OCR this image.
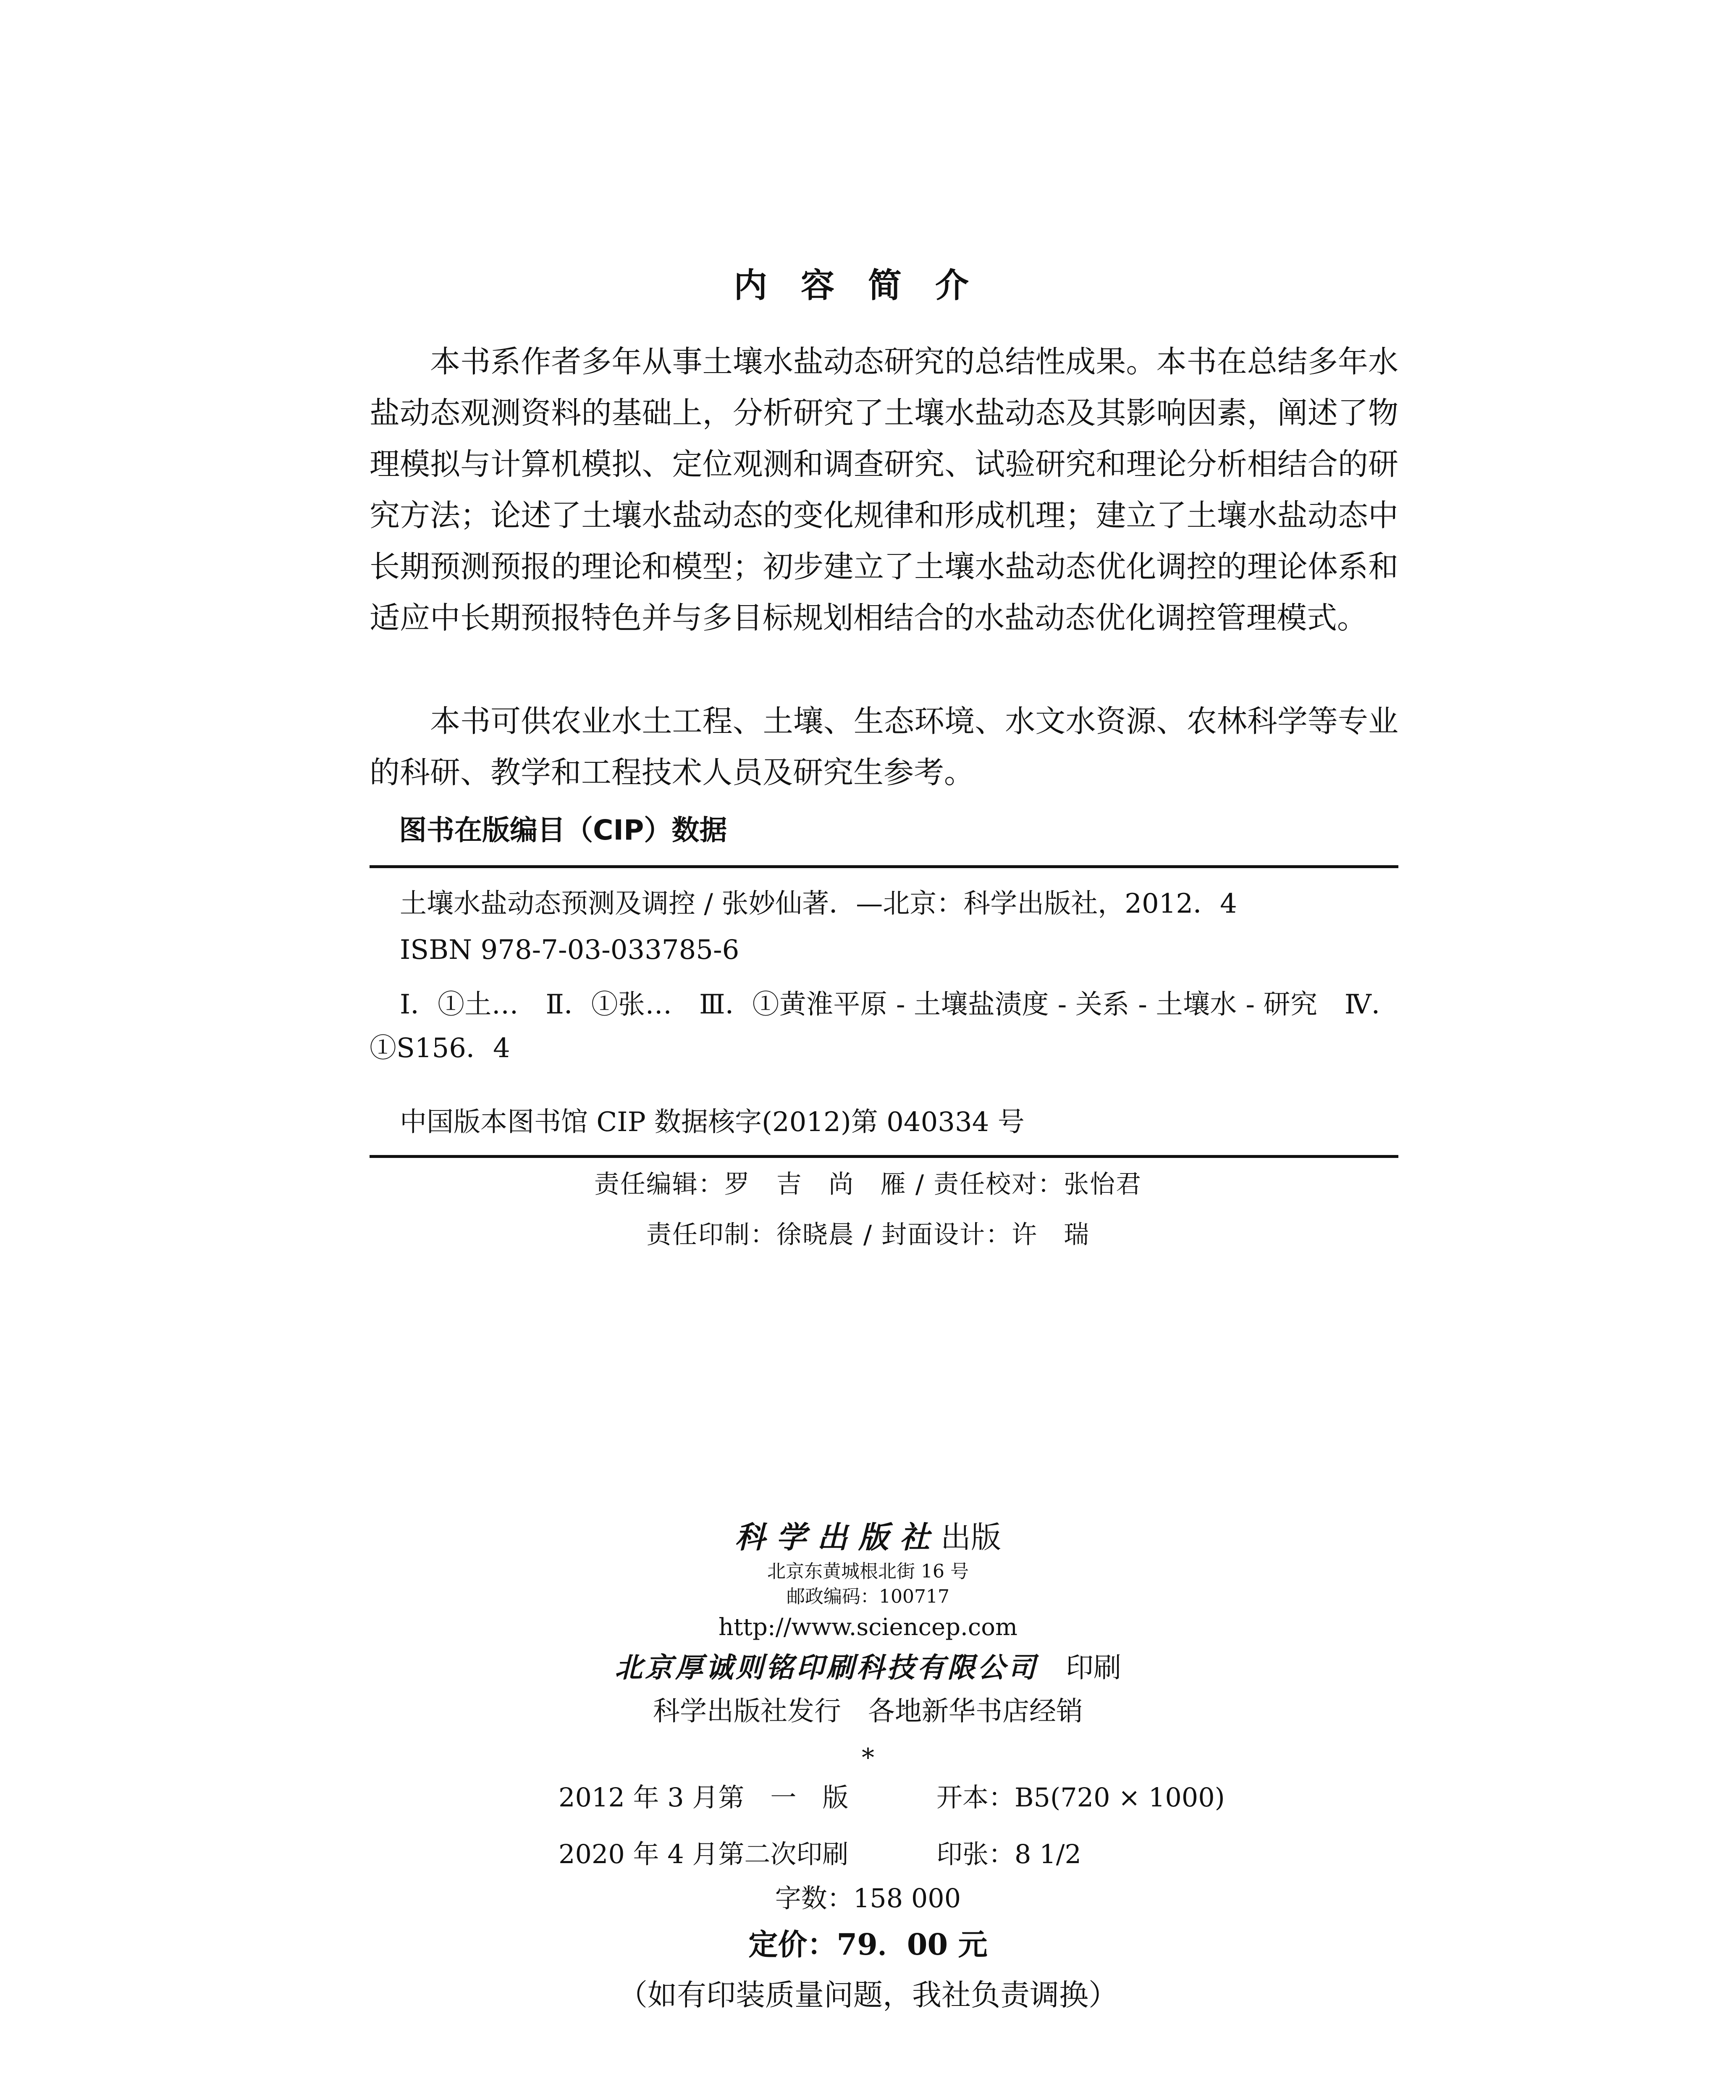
内容简介

本书系作者多年从事土壤水盐动态研究的总结性成果。本书在总结多年水盐动态观测资料的基础上，分析研究了土壤水盐动态及其影响因素，阐述了物理模拟与计算机模拟、定位观测和调查研究、试验研究和理论分析相结合的研究方法；论述了土壤水盐动态的变化规律和形成机理；建立了土壤水盐动态中长期预测预报的理论和模型；初步建立了土壤水盐动态优化调控的理论体系和适应中长期预报特色并与多目标规划相结合的水盐动态优化调控管理模式。

本书可供农业水土工程、土壤、生态环境、水文水资源、农林科学等专业的科研、教学和工程技术人员及研究生参考。

图书在版编目（CIP）数据

土壤水盐动态预测及调控 / 张妙仙著．—北京：科学出版社，2012．4

ISBN 978-7-03-033785-6

Ⅰ．①土…　Ⅱ．①张…　Ⅲ．①黄淮平原 - 土壤盐渍度 - 关系 - 土壤水 - 研究　Ⅳ．①S156．4

中国版本图书馆 CIP 数据核字(2012)第 040334 号

责任编辑：罗　吉　尚　雁 / 责任校对：张怡君
责任印制：徐晓晨 / 封面设计：许　瑞
科学出版社出版
北京东黄城根北街 16 号
邮政编码：100717
http://www.sciencep.com
北京厚诚则铭印刷科技有限公司　 印刷
科学出版社发行　各地新华书店经销
*
2012 年 3 月第　一　版	开本：B5(720 × 1000)
2020 年 4 月第二次印刷	印张：8 1/2
字数：158 000
定价：79．00 元
（如有印装质量问题，我社负责调换）
